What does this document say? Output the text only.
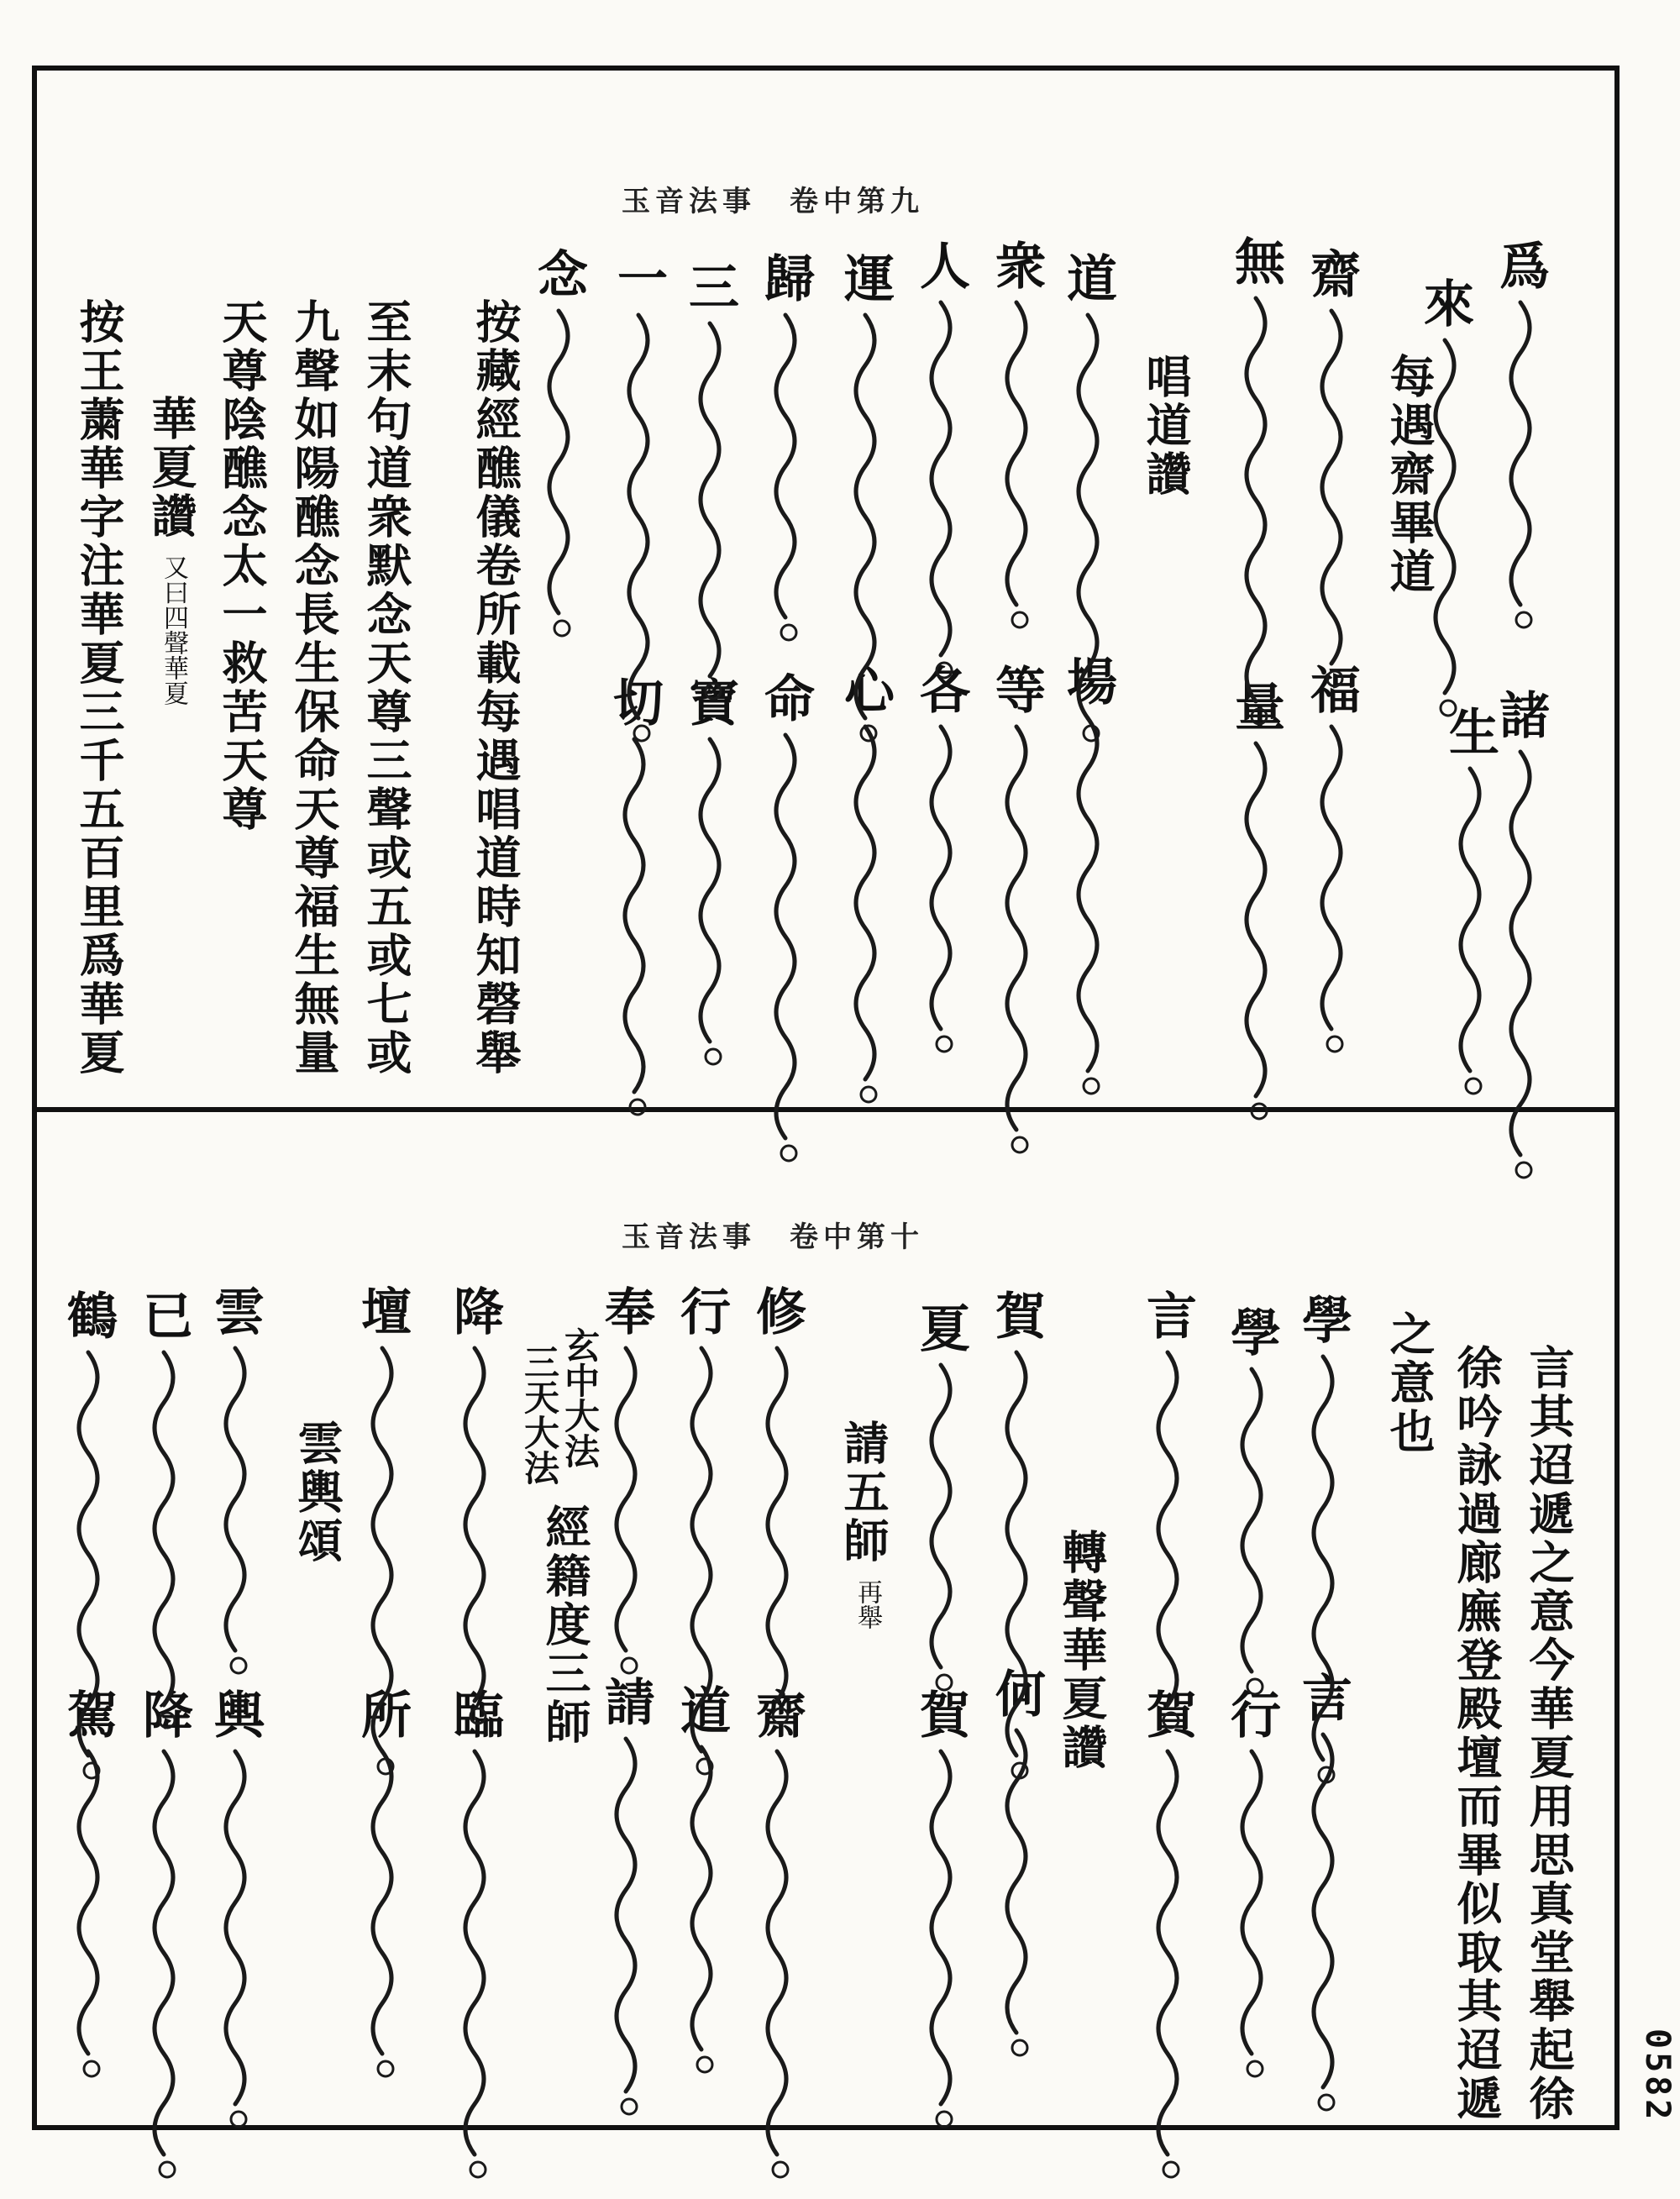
玉音法事　卷中第九
每遇齋畢道
唱道讚
按藏經醮儀卷所載每遇唱道時知磬舉
至末句道衆默念天尊三聲或五或七或
九聲如陽醮念長生保命天尊福生無量
天尊陰醮念太一救苦天尊
華夏讚
又曰四聲華夏
按王䔥華字注華夏三千五百里爲華夏
爲
來
諸
生
齋
無
福
量
道
衆
人
運
歸
三
一
念
場
等
各
心
命
寶
切
玉音法事　卷中第十
言其迢遞之意今華夏用思真堂舉起徐
徐吟詠過廊廡登殿壇而畢似取其迢遞
之意也
轉聲華夏讚
請五師
再舉
玄中大法
三天大法
經籍度三師
雲輿頌
學
學
言
賀
夏
修
行
奉
降
壇
雲
已
鶴
行 言
賀
何
賀
齋
道
請
臨
所
輿
降
駕
0582
